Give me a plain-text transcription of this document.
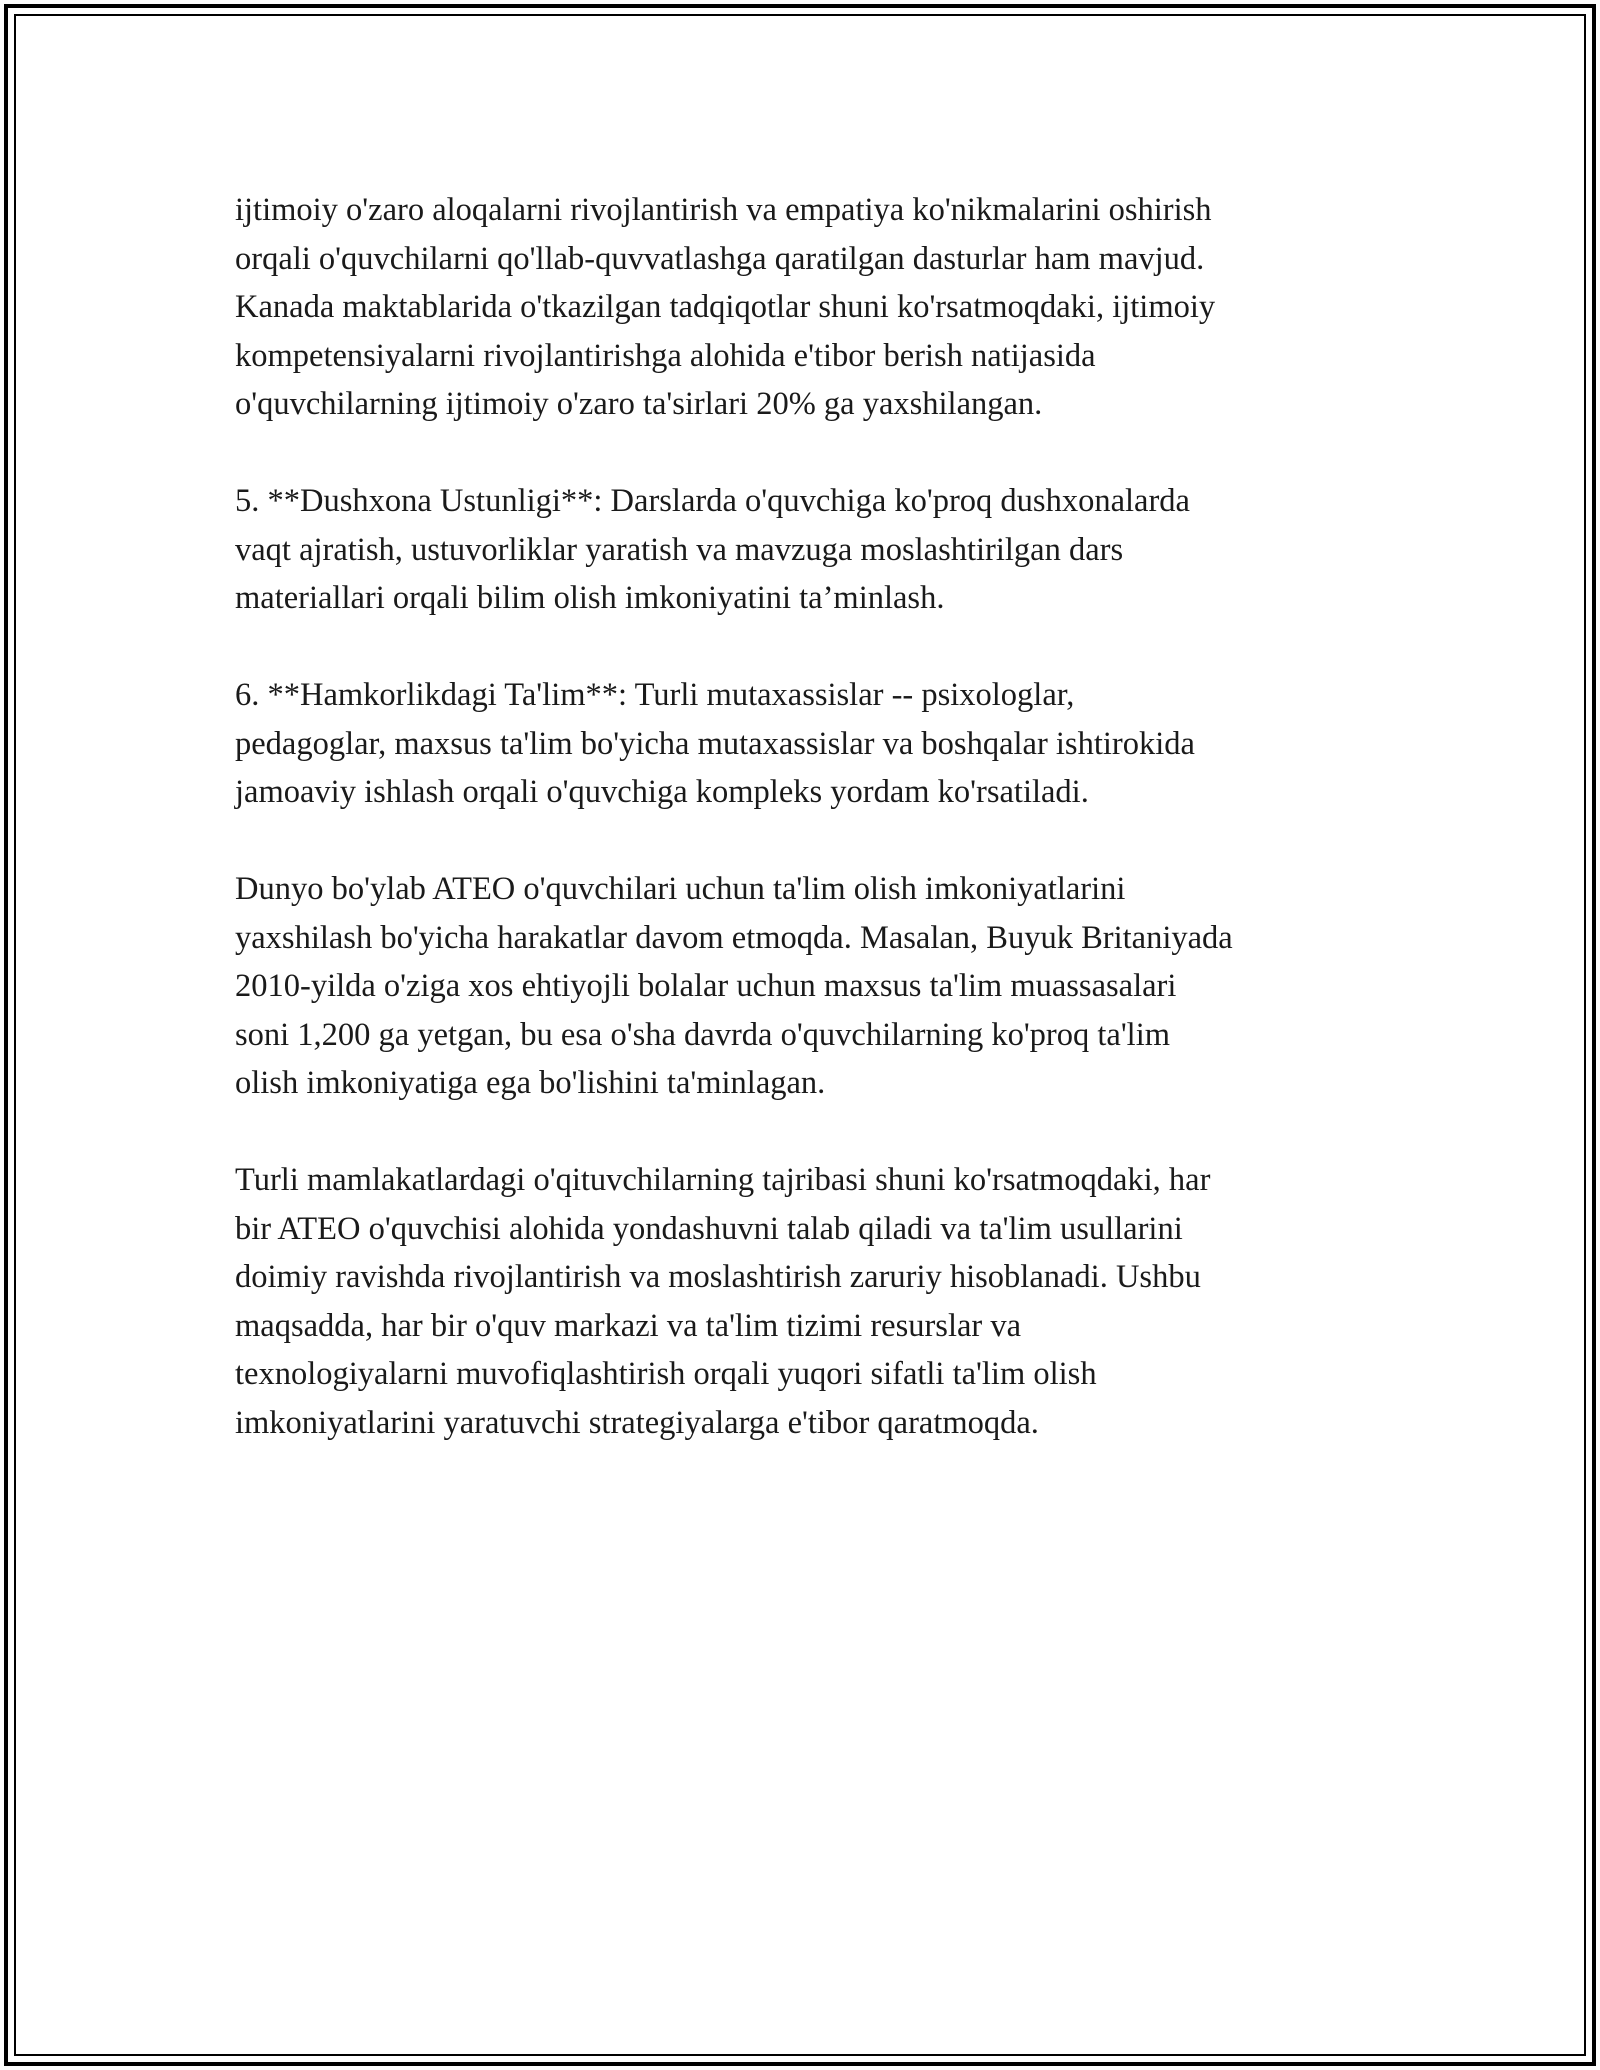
ijtimoiy o'zaro aloqalarni rivojlantirish va empatiya ko'nikmalarini oshirish
orqali o'quvchilarni qo'llab-quvvatlashga qaratilgan dasturlar ham mavjud.
Kanada maktablarida o'tkazilgan tadqiqotlar shuni ko'rsatmoqdaki, ijtimoiy
kompetensiyalarni rivojlantirishga alohida e'tibor berish natijasida
o'quvchilarning ijtimoiy o'zaro ta'sirlari 20% ga yaxshilangan.

5. **Dushxona Ustunligi**: Darslarda o'quvchiga ko'proq dushxonalarda
vaqt ajratish, ustuvorliklar yaratish va mavzuga moslashtirilgan dars
materiallari orqali bilim olish imkoniyatini ta’minlash.

6. **Hamkorlikdagi Ta'lim**: Turli mutaxassislar -- psixologlar,
pedagoglar, maxsus ta'lim bo'yicha mutaxassislar va boshqalar ishtirokida
jamoaviy ishlash orqali o'quvchiga kompleks yordam ko'rsatiladi.

Dunyo bo'ylab ATEO o'quvchilari uchun ta'lim olish imkoniyatlarini
yaxshilash bo'yicha harakatlar davom etmoqda. Masalan, Buyuk Britaniyada
2010-yilda o'ziga xos ehtiyojli bolalar uchun maxsus ta'lim muassasalari
soni 1,200 ga yetgan, bu esa o'sha davrda o'quvchilarning ko'proq ta'lim
olish imkoniyatiga ega bo'lishini ta'minlagan.

Turli mamlakatlardagi o'qituvchilarning tajribasi shuni ko'rsatmoqdaki, har
bir ATEO o'quvchisi alohida yondashuvni talab qiladi va ta'lim usullarini
doimiy ravishda rivojlantirish va moslashtirish zaruriy hisoblanadi. Ushbu
maqsadda, har bir o'quv markazi va ta'lim tizimi resurslar va
texnologiyalarni muvofiqlashtirish orqali yuqori sifatli ta'lim olish
imkoniyatlarini yaratuvchi strategiyalarga e'tibor qaratmoqda.
